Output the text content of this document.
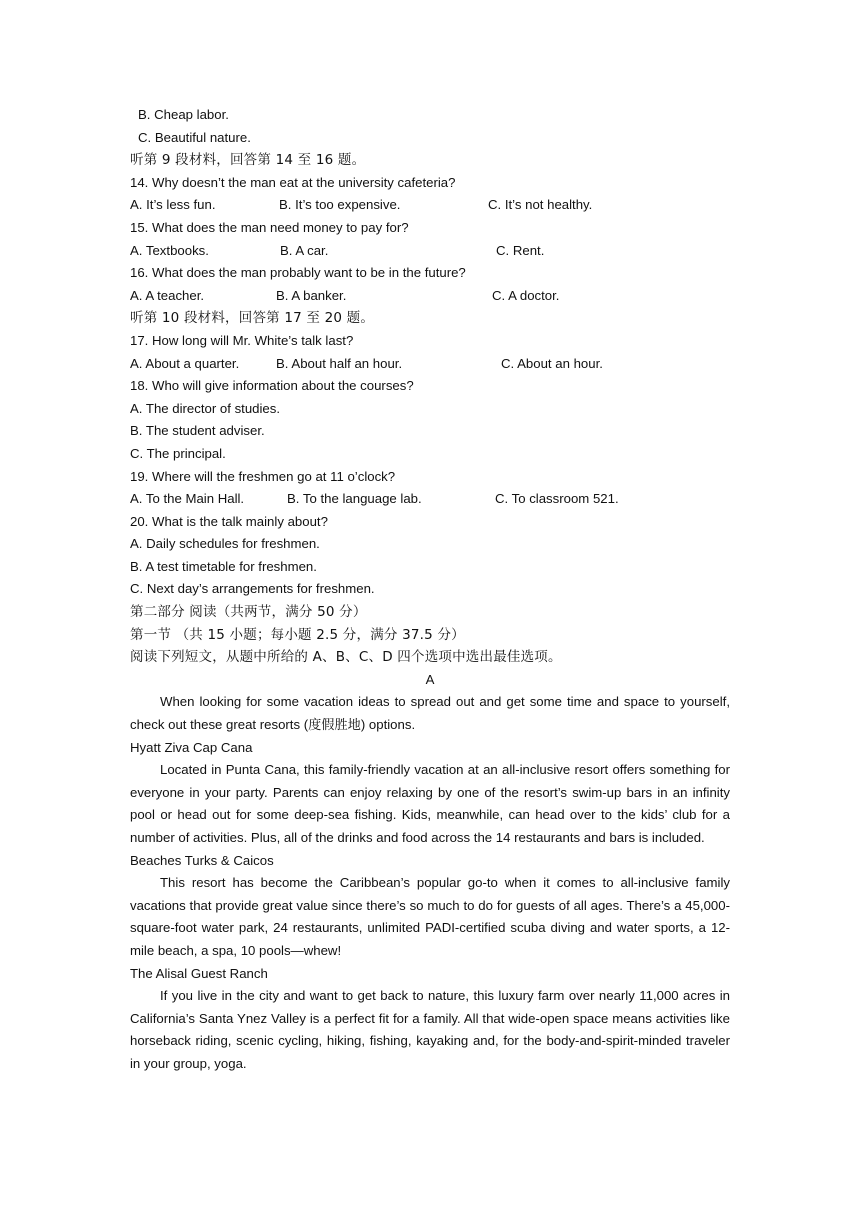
B. Cheap labor.
C. Beautiful nature.
听第 9 段材料，回答第 14 至 16 题。
14. Why doesn’t the man eat at the university cafeteria?
A. It’s less fun.	B. It’s too expensive.	C. It’s not healthy.
15. What does the man need money to pay for?
A. Textbooks.	B. A car.	C. Rent.
16. What does the man probably want to be in the future?
A. A teacher.	B. A banker.	C. A doctor.
听第 10 段材料，回答第 17 至 20 题。
17. How long will Mr. White’s talk last?
A. About a quarter.	B. About half an hour.	C. About an hour.
18. Who will give information about the courses?
A. The director of studies.
B. The student adviser.
C. The principal.
19. Where will the freshmen go at 11 o’clock?
A. To the Main Hall.	B. To the language lab.	C. To classroom 521.
20. What is the talk mainly about?
A. Daily schedules for freshmen.
B. A test timetable for freshmen.
C. Next day’s arrangements for freshmen.
第二部分 阅读（共两节，满分 50 分）
第一节 （共 15 小题；每小题 2.5 分，满分 37.5 分）
阅读下列短文，从题中所给的 A、B、C、D 四个选项中选出最佳选项。
A
When looking for some vacation ideas to spread out and get some time and space to yourself, check out these great resorts (度假胜地) options.
Hyatt Ziva Cap Cana
Located in Punta Cana, this family-friendly vacation at an all-inclusive resort offers something for everyone in your party. Parents can enjoy relaxing by one of the resort’s swim-up bars in an infinity pool or head out for some deep-sea fishing. Kids, meanwhile, can head over to the kids’ club for a number of activities. Plus, all of the drinks and food across the 14 restaurants and bars is included.
Beaches Turks & Caicos
This resort has become the Caribbean’s popular go-to when it comes to all-inclusive family vacations that provide great value since there’s so much to do for guests of all ages. There’s a 45,000-square-foot water park, 24 restaurants, unlimited PADI-certified scuba diving and water sports, a 12-mile beach, a spa, 10 pools—whew!
The Alisal Guest Ranch
If you live in the city and want to get back to nature, this luxury farm over nearly 11,000 acres in California’s Santa Ynez Valley is a perfect fit for a family. All that wide-open space means activities like horseback riding, scenic cycling, hiking, fishing, kayaking and, for the body-and-spirit-minded traveler in your group, yoga.
